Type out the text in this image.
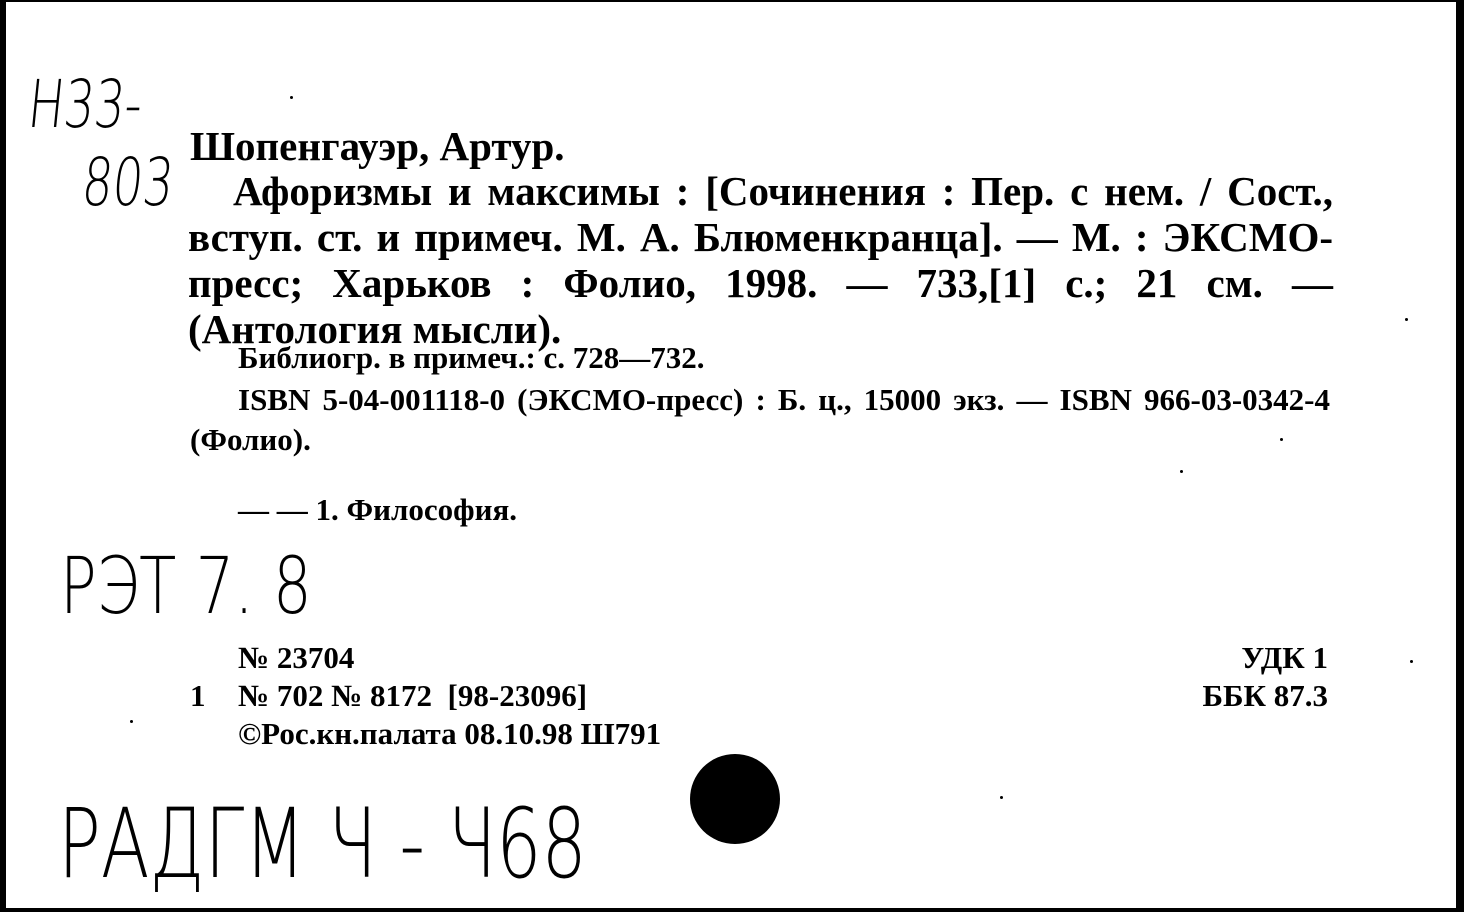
Н33-
803 Шопенгауэр, Артур.
Афоризмы и максимы : [Сочинения : Пер. с нем. / Сост., вступ. ст. и примеч. М. А. Блюменкранца]. — М. : ЭКСМО-пресс; Харьков : Фолио, 1998. — 733,[1] с.; 21 см. — (Антология мысли).
Библиогр. в примеч.: с. 728—732.
ISBN 5-04-001118-0 (ЭКСМО-пресс) : Б. ц., 15000 экз. — ISBN 966-03-0342-4 (Фолио).
— — 1. Философия.
РЭТ 7. 8
№ 23704
1 № 702 № 8172  [98-23096]
©Рос.кн.палата 08.10.98 Ш791
УДК 1
ББК 87.3
РАДГМ Ч - Ч68
